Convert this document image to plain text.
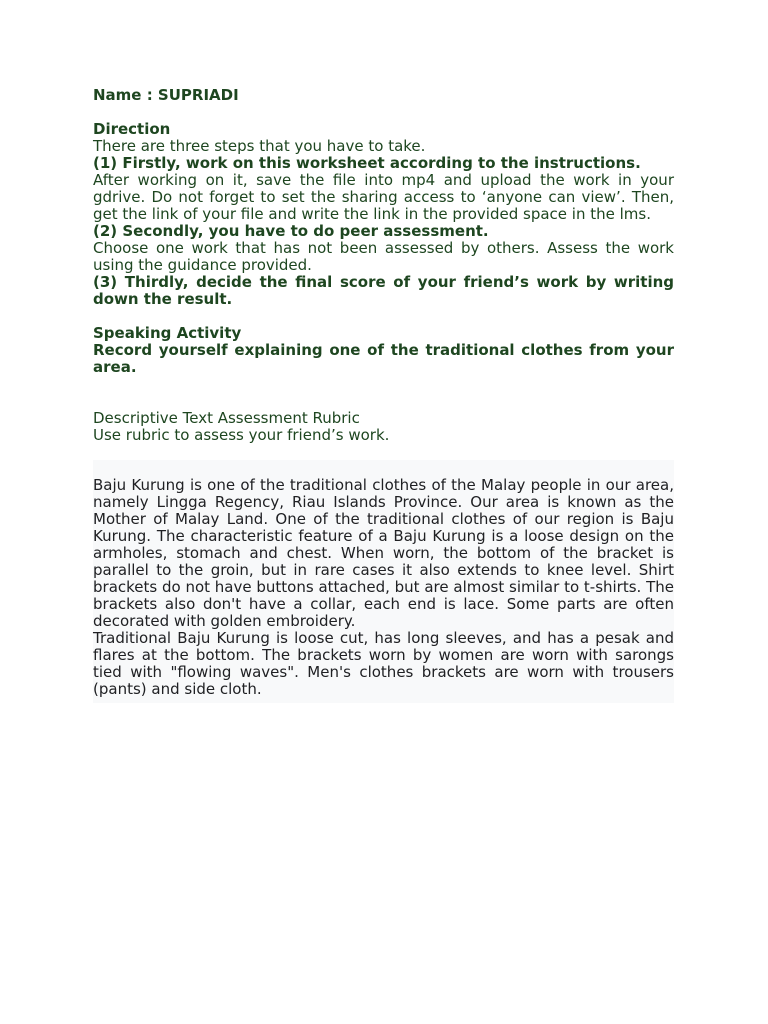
Name : SUPRIADI
Direction
There are three steps that you have to take.
(1) Firstly, work on this worksheet according to the instructions.
After working on it, save the file into mp4 and upload the work in your gdrive. Do not forget to set the sharing access to ‘anyone can view’. Then, get the link of your file and write the link in the provided space in the lms.
(2) Secondly, you have to do peer assessment.
Choose one work that has not been assessed by others. Assess the work using the guidance provided.
(3) Thirdly, decide the final score of your friend’s work by writing down the result.
Speaking Activity
Record yourself explaining one of the traditional clothes from your area.
Descriptive Text Assessment Rubric
Use rubric to assess your friend’s work.

Baju Kurung is one of the traditional clothes of the Malay people in our area, namely Lingga Regency, Riau Islands Province. Our area is known as the Mother of Malay Land. One of the traditional clothes of our region is Baju Kurung. The characteristic feature of a Baju Kurung is a loose design on the armholes, stomach and chest. When worn, the bottom of the bracket is parallel to the groin, but in rare cases it also extends to knee level. Shirt brackets do not have buttons attached, but are almost similar to t-shirts. The brackets also don't have a collar, each end is lace. Some parts are often decorated with golden embroidery.

Traditional Baju Kurung is loose cut, has long sleeves, and has a pesak and flares at the bottom. The brackets worn by women are worn with sarongs tied with "flowing waves". Men's clothes brackets are worn with trousers (pants) and side cloth.
